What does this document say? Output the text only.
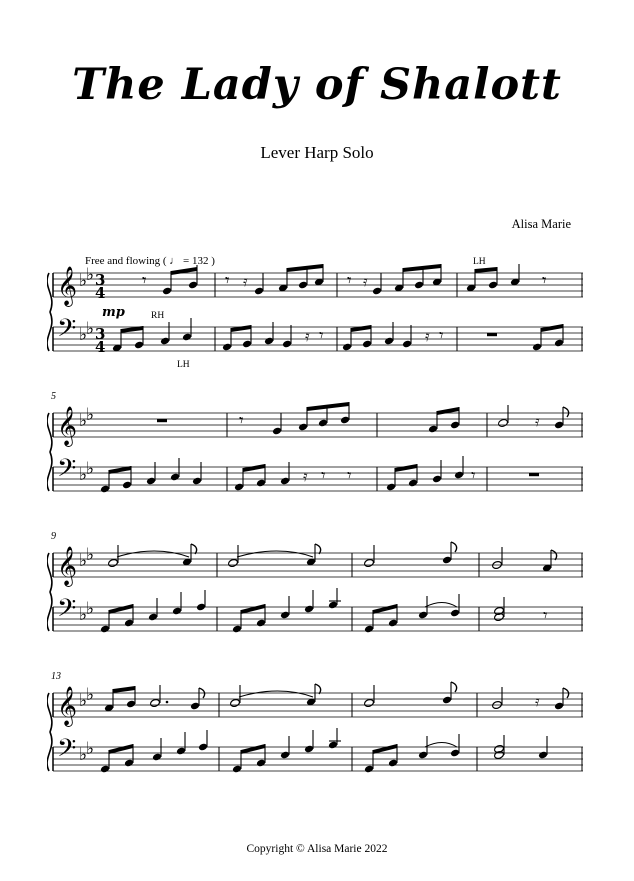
The Lady of Shalott
Lever Harp Solo
Alisa Marie
Free and flowing ( ♩ = 132 )
mp	RH
LH
LH
𝄞
𝄢
♭
♭
♭
♭
3
4
3
4
𝄾	𝄾 𝄿	𝄾 𝄿	𝄾
𝄿 𝄾	𝄿 𝄾
5
𝄞
𝄢
♭
♭
♭
♭
𝄾	𝄿
𝄿 𝄾 𝄾	𝄾
9
𝄞
𝄢
♭
♭
♭
♭	𝄾
13
𝄞
𝄢
♭
♭
♭
♭
𝄿
Copyright © Alisa Marie 2022
